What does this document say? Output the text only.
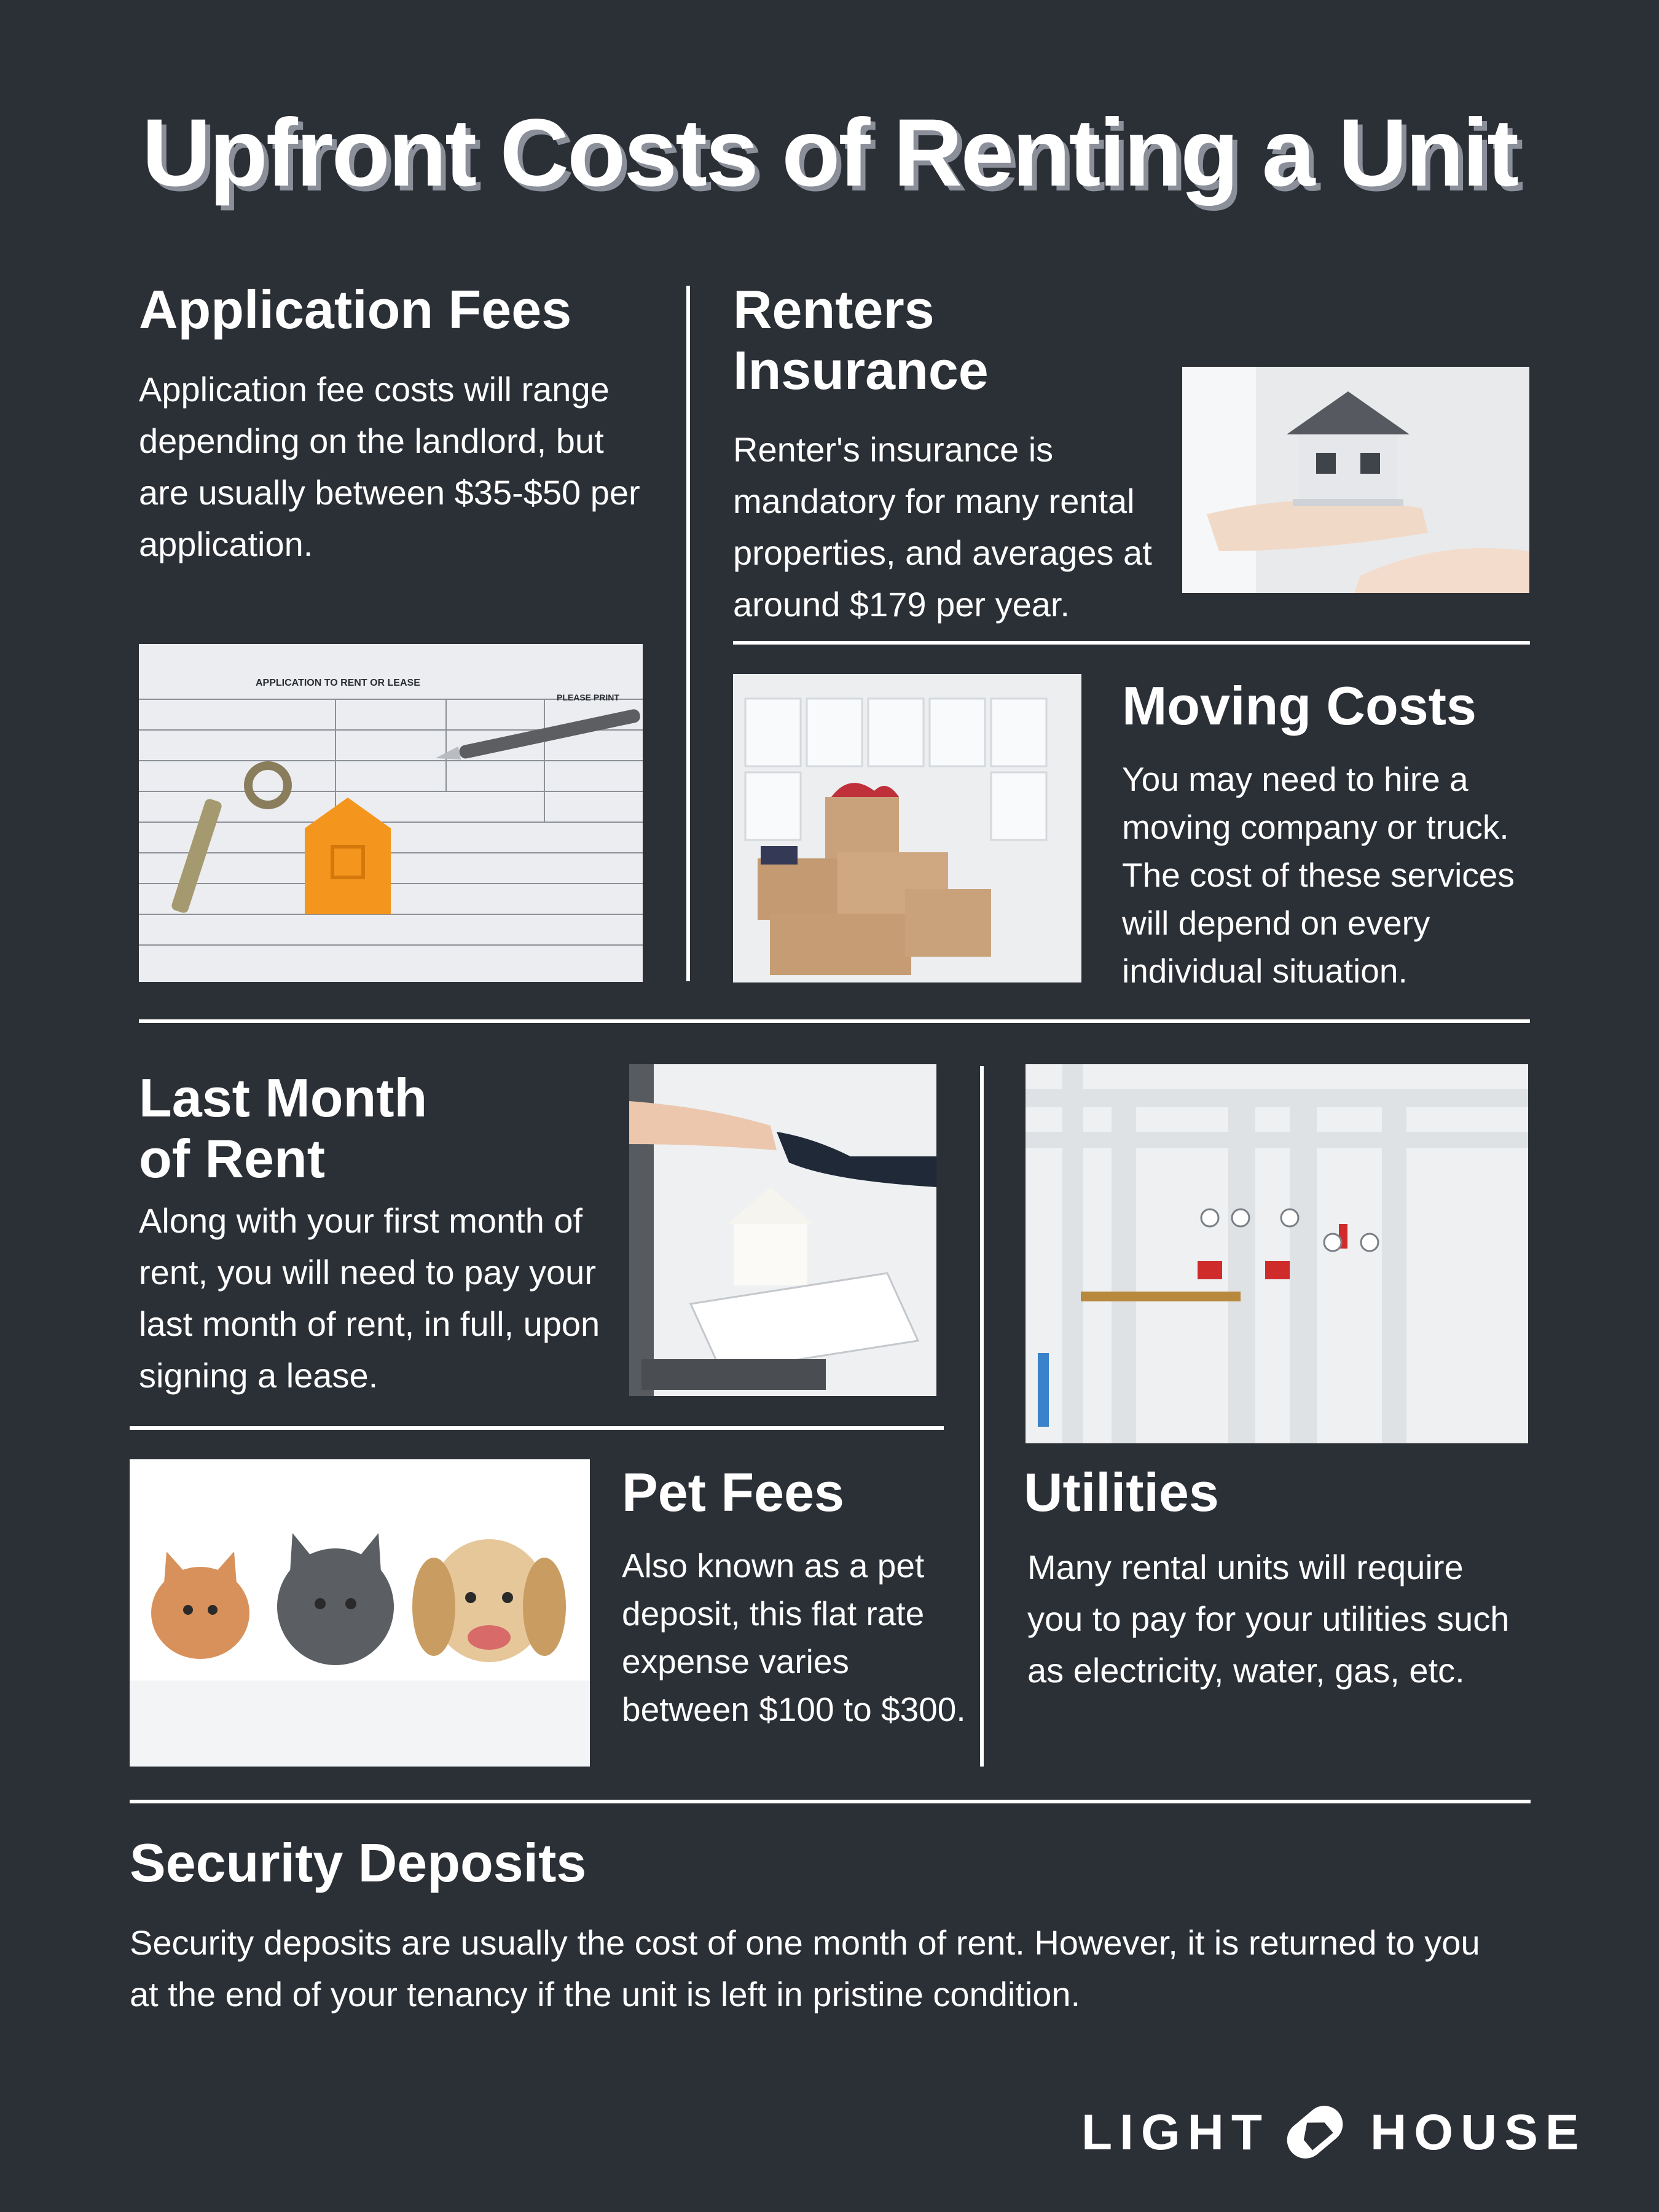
Upfront Costs of Renting a Unit
Application Fees

Application fee costs will range depending on the landlord, but are usually between $35-$50 per application.

APPLICATION TO RENT OR LEASE
PLEASE PRINT
Renters Insurance

Renter's insurance is mandatory for many rental properties, and averages at around $179 per year.

Moving Costs

You may need to hire a moving company or truck. The cost of these services will depend on every individual situation.

Last Month
of Rent

Along with your first month of rent, you will need to pay your last month of rent, in full, upon signing a lease.

Utilities

Many rental units will require you to pay for your utilities such as electricity, water, gas, etc.

Pet Fees

Also known as a pet deposit, this flat rate expense varies between $100 to $300.

Security Deposits

Security deposits are usually the cost of one month of rent. However, it is returned to you at the end of your tenancy if the unit is left in pristine condition.

LIGHT HOUSE
